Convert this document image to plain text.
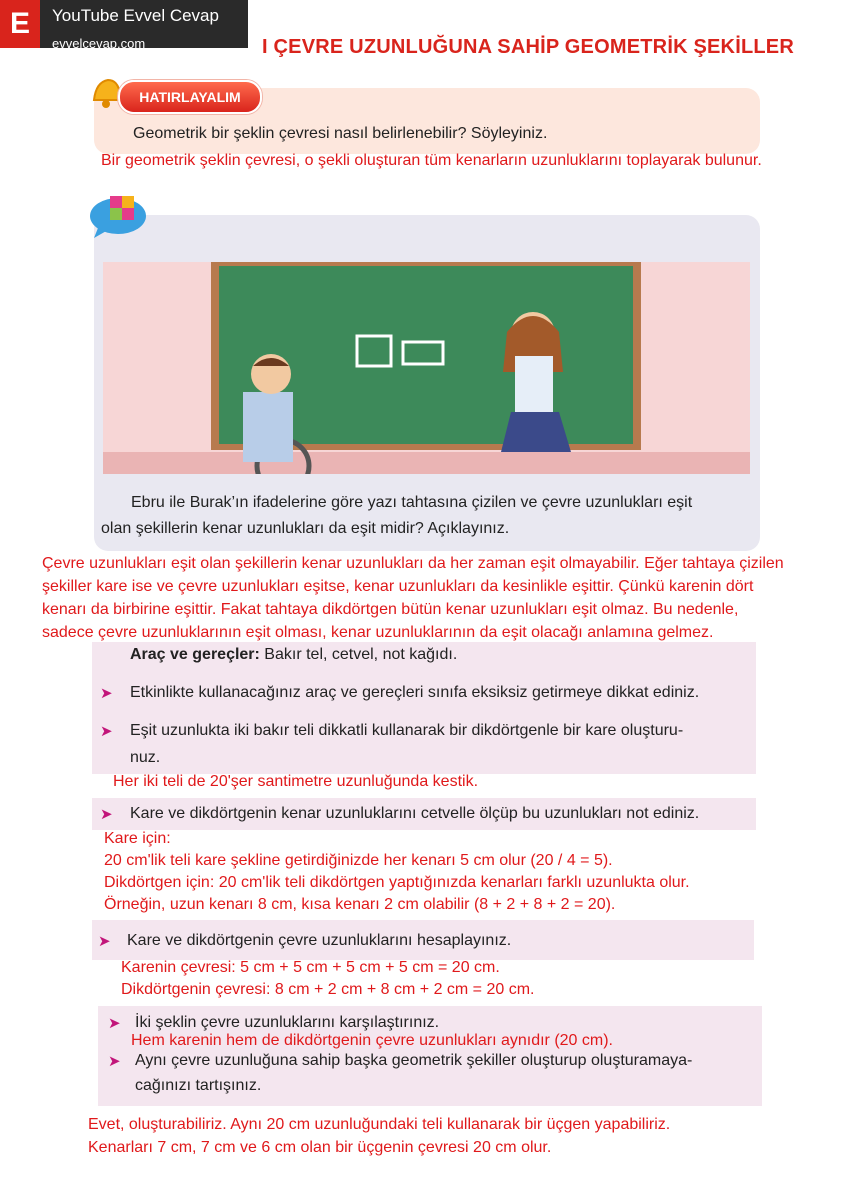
E	YouTube Evvel Cevap
evvelcevap.com	I ÇEVRE UZUNLUĞUNA SAHİP GEOMETRİK ŞEKİLLER
HATIRLAYALIM
Geometrik bir şeklin çevresi nasıl belirlenebilir? Söyleyiniz.
Bir geometrik şeklin çevresi, o şekli oluşturan tüm kenarların uzunluklarını toplayarak bulunur.
Ebru ile Burak’ın ifadelerine göre yazı tahtasına çizilen ve çevre uzunlukları eşit
olan şekillerin kenar uzunlukları da eşit midir? Açıklayınız.
Çevre uzunlukları eşit olan şekillerin kenar uzunlukları da her zaman eşit olmayabilir. Eğer tahtaya çizilen
şekiller kare ise ve çevre uzunlukları eşitse, kenar uzunlukları da kesinlikle eşittir. Çünkü karenin dört
kenarı da birbirine eşittir. Fakat tahtaya dikdörtgen bütün kenar uzunlukları eşit olmaz. Bu nedenle,
sadece çevre uzunluklarının eşit olması, kenar uzunluklarının da eşit olacağı anlamına gelmez.
Araç ve gereçler: Bakır tel, cetvel, not kağıdı.
➤ Etkinlikte kullanacağınız araç ve gereçleri sınıfa eksiksiz getirmeye dikkat ediniz.
➤ Eşit uzunlukta iki bakır teli dikkatli kullanarak bir dikdörtgenle bir kare oluşturu-
nuz.
Her iki teli de 20'şer santimetre uzunluğunda kestik.
➤ Kare ve dikdörtgenin kenar uzunluklarını cetvelle ölçüp bu uzunlukları not ediniz.
Kare için:
20 cm'lik teli kare şekline getirdiğinizde her kenarı 5 cm olur (20 / 4 = 5).
Dikdörtgen için: 20 cm'lik teli dikdörtgen yaptığınızda kenarları farklı uzunlukta olur.
Örneğin, uzun kenarı 8 cm, kısa kenarı 2 cm olabilir (8 + 2 + 8 + 2 = 20).
➤ Kare ve dikdörtgenin çevre uzunluklarını hesaplayınız.
Karenin çevresi: 5 cm + 5 cm + 5 cm + 5 cm = 20 cm.
Dikdörtgenin çevresi: 8 cm + 2 cm + 8 cm + 2 cm = 20 cm.
➤ İki şeklin çevre uzunluklarını karşılaştırınız.
Hem karenin hem de dikdörtgenin çevre uzunlukları aynıdır (20 cm).
➤ Aynı çevre uzunluğuna sahip başka geometrik şekiller oluşturup oluşturamaya-
cağınızı tartışınız.
Evet, oluşturabiliriz. Aynı 20 cm uzunluğundaki teli kullanarak bir üçgen yapabiliriz.
Kenarları 7 cm, 7 cm ve 6 cm olan bir üçgenin çevresi 20 cm olur.
